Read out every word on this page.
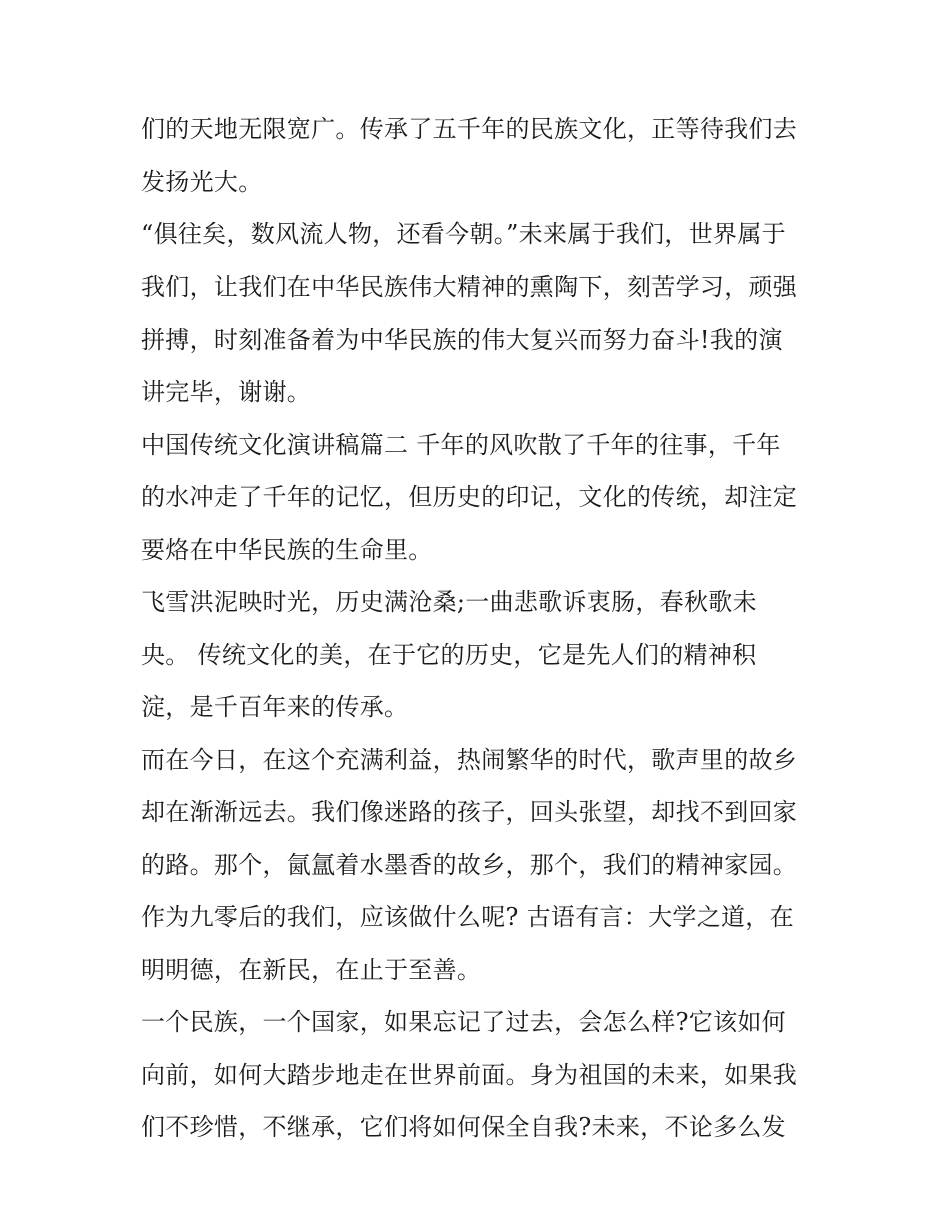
们的天地无限宽广。传承了五千年的民族文化，正等待我们去
发扬光大。
“俱往矣，数风流人物，还看今朝。”未来属于我们，世界属于
我们，让我们在中华民族伟大精神的熏陶下，刻苦学习，顽强
拼搏，时刻准备着为中华民族的伟大复兴而努力奋斗!我的演
讲完毕，谢谢。
中国传统文化演讲稿篇二 千年的风吹散了千年的往事，千年
的水冲走了千年的记忆，但历史的印记，文化的传统，却注定
要烙在中华民族的生命里。
飞雪洪泥映时光，历史满沧桑;一曲悲歌诉衷肠，春秋歌未
央。 传统文化的美，在于它的历史，它是先人们的精神积
淀，是千百年来的传承。
而在今日，在这个充满利益，热闹繁华的时代，歌声里的故乡
却在渐渐远去。我们像迷路的孩子，回头张望，却找不到回家
的路。那个，氤氲着水墨香的故乡，那个，我们的精神家园。
作为九零后的我们，应该做什么呢? 古语有言：大学之道，在
明明德，在新民，在止于至善。
一个民族，一个国家，如果忘记了过去，会怎么样?它该如何
向前，如何大踏步地走在世界前面。身为祖国的未来，如果我
们不珍惜，不继承，它们将如何保全自我?未来，不论多么发
